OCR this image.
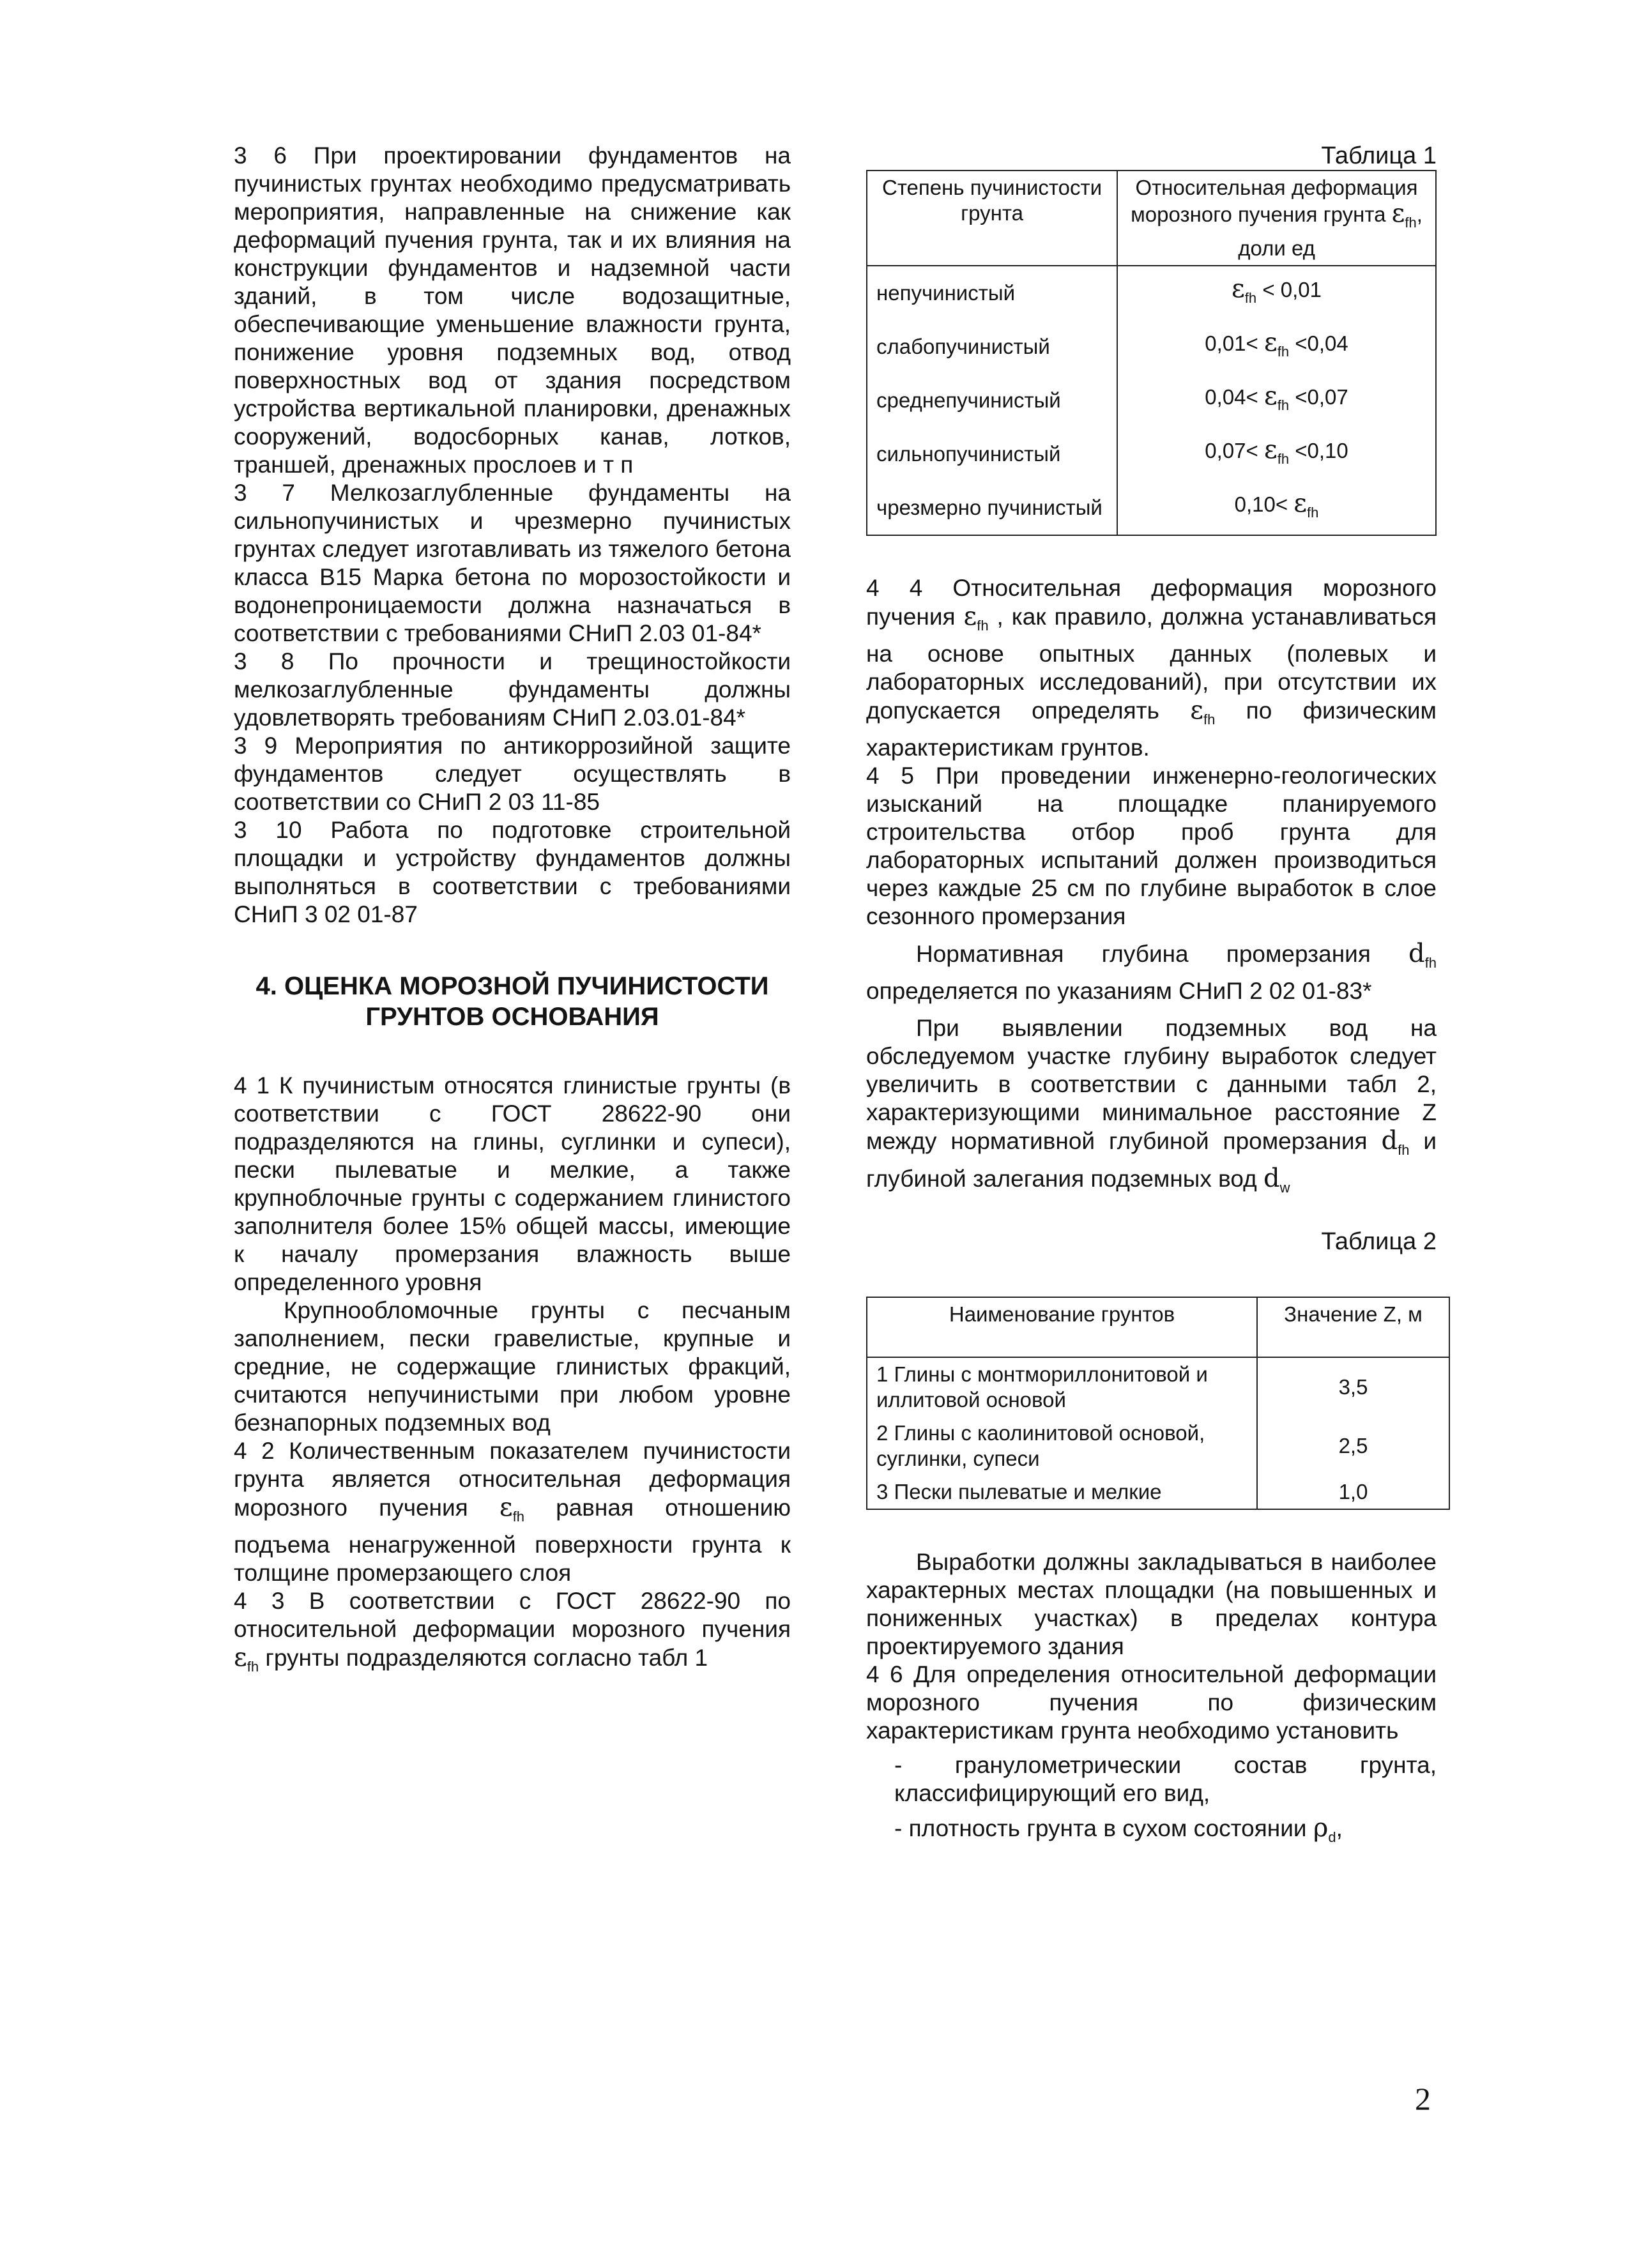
3 6 При проектировании фундаментов на пучинистых грунтах необходимо предусматривать мероприятия, направленные на снижение как деформаций пучения грунта, так и их влияния на конструкции фундаментов и надземной части зданий, в том числе водозащитные, обеспечивающие уменьшение влажности грунта, понижение уровня подземных вод, отвод поверхностных вод от здания посредством устройства вертикальной планировки, дренажных сооружений, водосборных канав, лотков, траншей, дренажных прослоев и т п

3 7 Мелкозаглубленные фундаменты на сильнопучинистых и чрезмерно пучинистых грунтах следует изготавливать из тяжелого бетона класса В15 Марка бетона по морозостойкости и водонепроницаемости должна назначаться в соответствии с требованиями СНиП 2.03 01-84*

3 8 По прочности и трещиностойкости мелкозаглубленные фундаменты должны удовлетворять требованиям СНиП 2.03.01-84*

3 9 Мероприятия по антикоррозийной защите фундаментов следует осуществлять в соответствии со СНиП 2 03 11-85

3 10 Работа по подготовке строительной площадки и устройству фундаментов должны выполняться в соответствии с требованиями СНиП 3 02 01-87

4. ОЦЕНКА МОРОЗНОЙ ПУЧИНИСТОСТИ ГРУНТОВ ОСНОВАНИЯ

4 1 К пучинистым относятся глинистые грунты (в соответствии с ГОСТ 28622-90 они подразделяются на глины, суглинки и супеси), пески пылеватые и мелкие, а также крупноблочные грунты с содержанием глинистого заполнителя более 15% общей массы, имеющие к началу промерзания влажность выше определенного уровня

Крупнообломочные грунты с песчаным заполнением, пески гравелистые, крупные и средние, не содержащие глинистых фракций, считаются непучинистыми при любом уровне безнапорных подземных вод

4 2 Количественным показателем пучинистости грунта является относительная деформация морозного пучения $\varepsilon_{fh}$ равная отношению подъема ненагруженной поверхности грунта к толщине промерзающего слоя

4 3 В соответствии с ГОСТ 28622-90 по относительной деформации морозного пучения $\varepsilon_{fh}$ грунты подразделяются согласно табл 1

Таблица 1
Степень пучинистости грунта	Относительная деформация морозного пучения грунта $\varepsilon_{fh}$, доли ед
непучинистый	$\varepsilon_{fh} < 0,01$
слабопучинистый	$0,01< \varepsilon_{fh} <0,04$
среднепучинистый	$0,04< \varepsilon_{fh} <0,07$
сильнопучинистый	$0,07< \varepsilon_{fh} <0,10$
чрезмерно пучинистый	$0,10< \varepsilon_{fh}$

4 4 Относительная деформация морозного пучения $\varepsilon_{fh}$ , как правило, должна устанавливаться на основе опытных данных (полевых и лабораторных исследований), при отсутствии их допускается определять $\varepsilon_{fh}$ по физическим характеристикам грунтов.

4 5 При проведении инженерно-геологических изысканий на площадке планируемого строительства отбор проб грунта для лабораторных испытаний должен производиться через каждые 25 см по глубине выработок в слое сезонного промерзания

Нормативная глубина промерзания $d_{fh}$ определяется по указаниям СНиП 2 02 01-83*

При выявлении подземных вод на обследуемом участке глубину выработок следует увеличить в соответствии с данными табл 2, характеризующими минимальное расстояние Z между нормативной глубиной промерзания $d_{fh}$ и глубиной залегания подземных вод $d_w$

Таблица 2
Наименование грунтов	Значение Z, м
1 Глины с монтмориллонитовой и иллитовой основой	3,5
2 Глины с каолинитовой основой, суглинки, супеси	2,5
3 Пески пылеватые и мелкие	1,0

Выработки должны закладываться в наиболее характерных местах площадки (на повышенных и пониженных участках) в пределах контура проектируемого здания

4 6 Для определения относительной деформации морозного пучения по физическим характеристикам грунта необходимо установить

- гранулометрическии состав грунта, классифицирующий его вид,

- плотность грунта в сухом состоянии $\rho_d$,

2
